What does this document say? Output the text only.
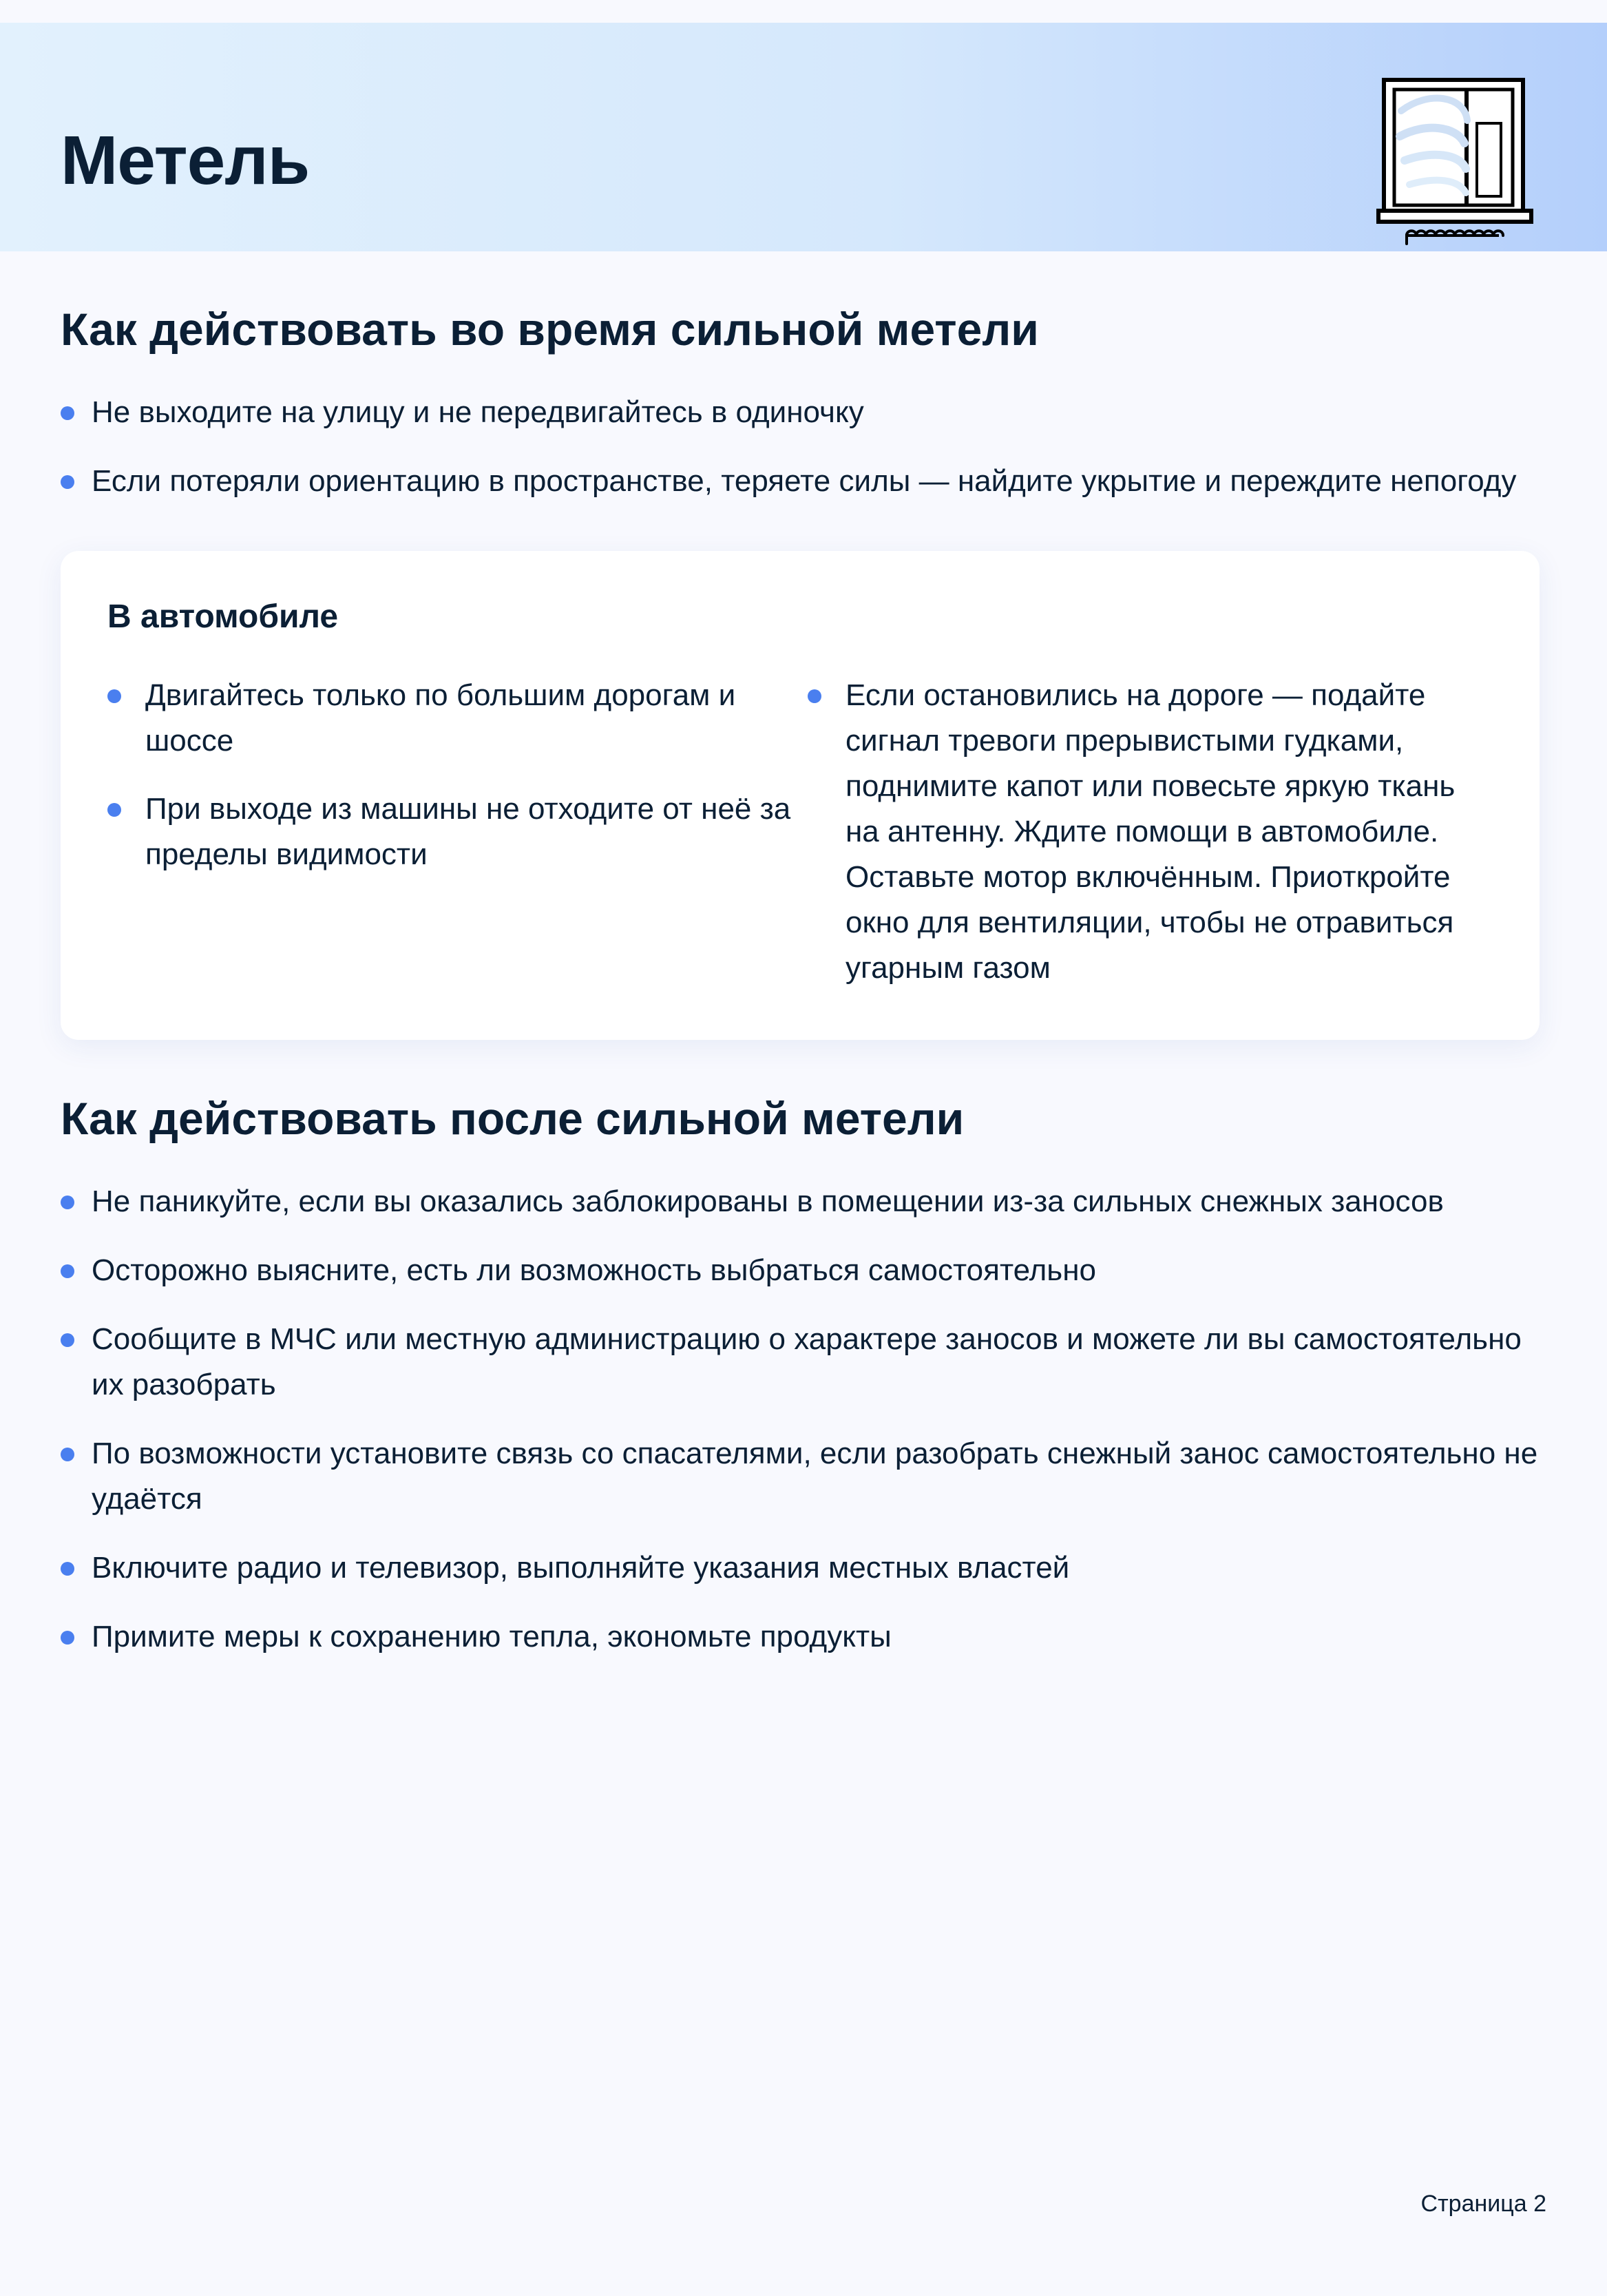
Метель
Как действовать во время сильной метели
Не выходите на улицу и не передвигайтесь в одиночку
Если потеряли ориентацию в пространстве, теряете силы — найдите укрытие и переждите непогоду
В автомобиле
Двигайтесь только по большим дорогам и шоссе
При выходе из машины не отходите от неё за пределы видимости
Если остановились на дороге — подайте сигнал тревоги прерывистыми гудками, поднимите капот или повесьте яркую ткань на антенну. Ждите помощи в автомобиле. Оставьте мотор включённым. Приоткройте окно для вентиляции, чтобы не отравиться угарным газом
Как действовать после сильной метели
Не паникуйте, если вы оказались заблокированы в помещении из-за сильных снежных заносов
Осторожно выясните, есть ли возможность выбраться самостоятельно
Сообщите в МЧС или местную администрацию о характере заносов и можете ли вы самостоятельно их разобрать
По возможности установите связь со спасателями, если разобрать снежный занос самостоятельно не удаётся
Включите радио и телевизор, выполняйте указания местных властей
Примите меры к сохранению тепла, экономьте продукты
Страница 2
